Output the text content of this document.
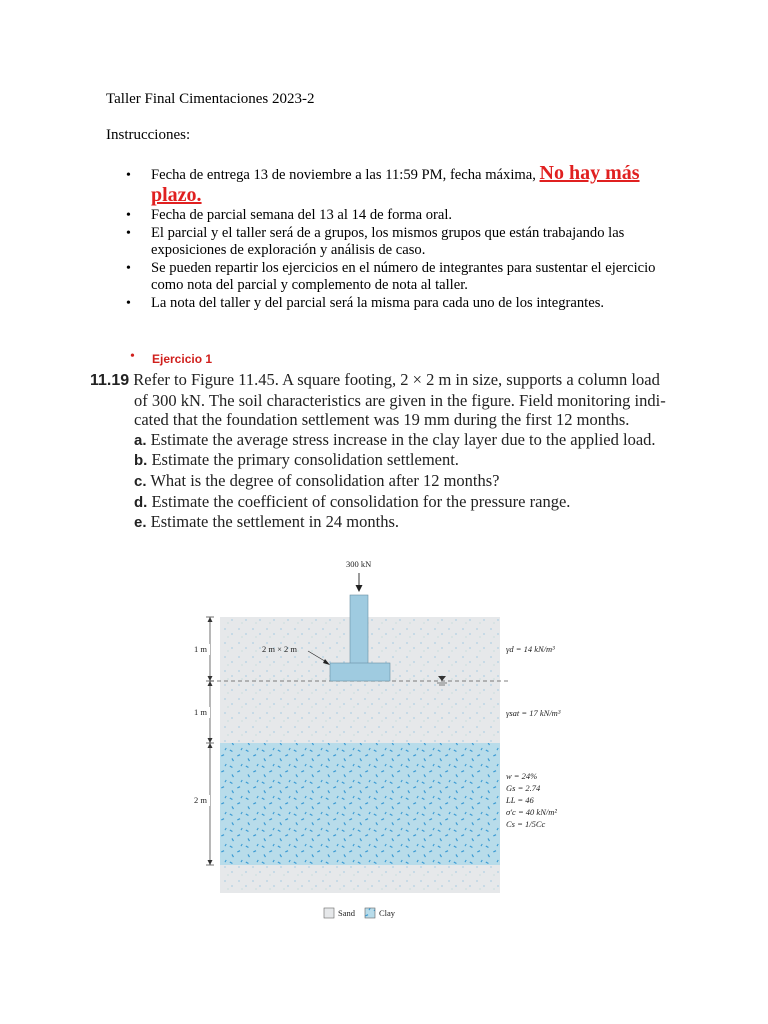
Taller Final Cimentaciones 2023-2
Instrucciones:
• Fecha de entrega 13 de noviembre a las 11:59 PM, fecha máxima, No hay más plazo.
• Fecha de parcial semana del 13 al 14 de forma oral.
• El parcial y el taller será de a grupos, los mismos grupos que están trabajando las exposiciones de exploración y análisis de caso.
• Se pueden repartir los ejercicios en el número de integrantes para sustentar el ejercicio como nota del parcial y complemento de nota al taller.
• La nota del taller y del parcial será la misma para cada uno de los integrantes.
• Ejercicio 1
11.19 Refer to Figure 11.45. A square footing, 2 × 2 m in size, supports a column load
of 300 kN. The soil characteristics are given in the figure. Field monitoring indi-
cated that the foundation settlement was 19 mm during the first 12 months.
a. Estimate the average stress increase in the clay layer due to the applied load.
b. Estimate the primary consolidation settlement.
c. What is the degree of consolidation after 12 months?
d. Estimate the coefficient of consolidation for the pressure range.
e. Estimate the settlement in 24 months.
300 kN
2 m × 2 m
1 m
1 m
2 m
γd = 14 kN/m³
γsat = 17 kN/m³
w = 24%
Gs = 2.74
LL = 46
σ′c = 40 kN/m²
Cs = 1/5Cc
Sand	Clay
